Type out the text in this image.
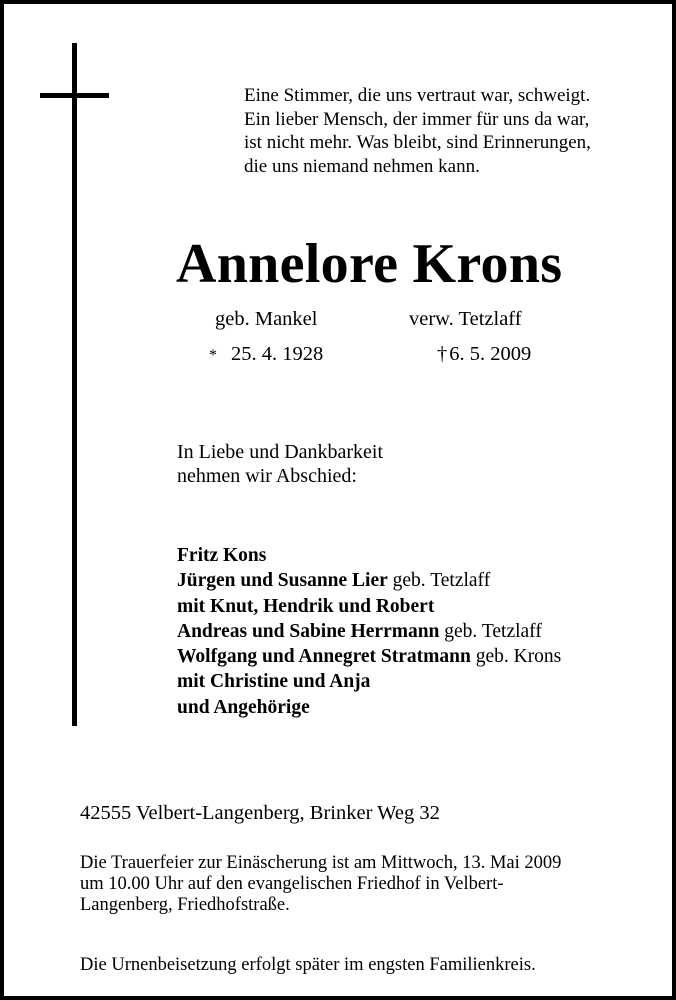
Eine Stimmer, die uns vertraut war, schweigt.
Ein lieber Mensch, der immer für uns da war,
ist nicht mehr. Was bleibt, sind Erinnerungen,
die uns niemand nehmen kann.
Annelore Krons
geb. Mankel	verw. Tetzlaff
* 25. 4. 1928	†6. 5. 2009
In Liebe und Dankbarkeit
nehmen wir Abschied:
Fritz Kons
Jürgen und Susanne Lier geb. Tetzlaff
mit Knut, Hendrik und Robert
Andreas und Sabine Herrmann geb. Tetzlaff
Wolfgang und Annegret Stratmann geb. Krons
mit Christine und Anja
und Angehörige
42555 Velbert-Langenberg, Brinker Weg 32
Die Trauerfeier zur Einäscherung ist am Mittwoch, 13. Mai 2009
um 10.00 Uhr auf den evangelischen Friedhof in Velbert-
Langenberg, Friedhofstraße.
Die Urnenbeisetzung erfolgt später im engsten Familienkreis.
